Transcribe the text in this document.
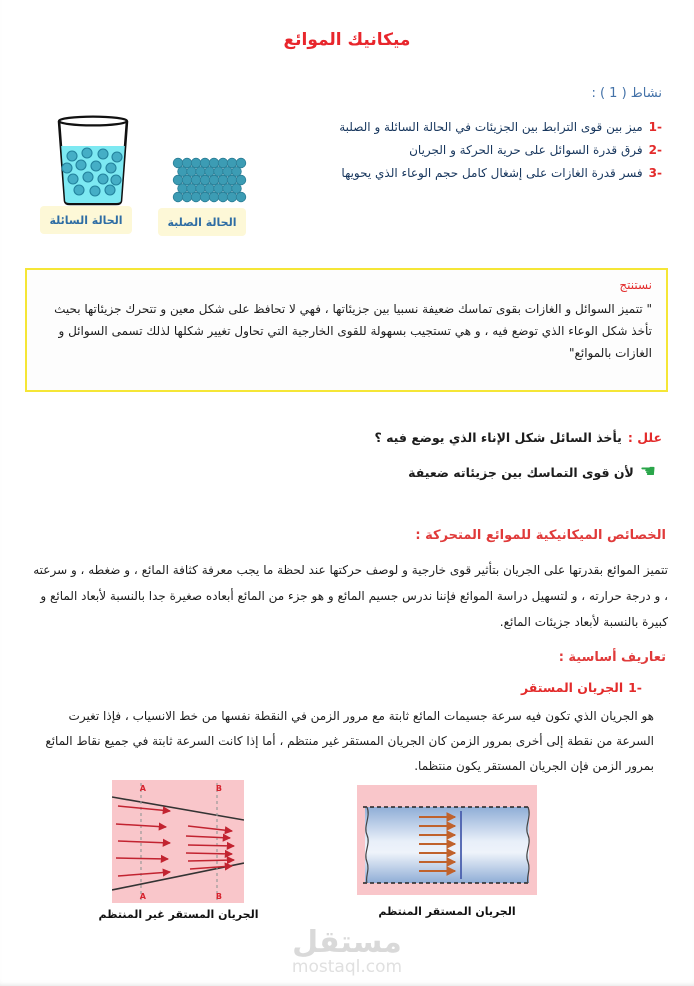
ميكانيك الموائع
نشاط ( 1 ) :
1-
ميز بين قوى الترابط بين الجزيئات في الحالة السائلة و الصلبة
2-
فرق قدرة السوائل على حرية الحركة و الجريان
3-
فسر قدرة الغازات على إشغال كامل حجم الوعاء الذي يحويها
الحالة السائلة	الحالة الصلبة
نستنتج
" تتميز السوائل و الغازات بقوى تماسك ضعيفة نسبيا بين جزيئاتها ، فهي لا تحافظ على شكل معين و تتحرك جزيئاتها بحيث تأخذ شكل الوعاء الذي توضع فيه ، و هي تستجيب بسهولة للقوى الخارجية التي تحاول تغيير شكلها لذلك تسمى السوائل و الغازات بالموائع"
علل :
يأخذ السائل شكل الإناء الذي يوضع فيه ؟
☚
لأن قوى التماسك بين جزيئاته ضعيفة
الخصائص الميكانيكية للموائع المتحركة :
تتميز الموائع بقدرتها على الجريان بتأثير قوى خارجية و لوصف حركتها عند لحظة ما يجب معرفة كثافة المائع ، و ضغطه ، و سرعته ، و درجة حرارته ، و لتسهيل دراسة الموائع فإننا ندرس جسيم المائع و هو جزء من المائع أبعاده صغيرة جدا بالنسبة لأبعاد المائع و كبيرة بالنسبة لأبعاد جزيئات المائع.
تعاريف أساسية :
1-
الجريان المستقر
هو الجريان الذي تكون فيه سرعة جسيمات المائع ثابتة مع مرور الزمن في النقطة نفسها من خط الانسياب ، فإذا تغيرت السرعة من نقطة إلى أخرى بمرور الزمن كان الجريان المستقر غير منتظم ، أما إذا كانت السرعة ثابتة في جميع نقاط المائع بمرور الزمن فإن الجريان المستقر يكون منتظما.
A
A
B
B
الجريان المستقر غير المنتظم	الجريان المستقر المنتظم
مستقل
mostaql.com
